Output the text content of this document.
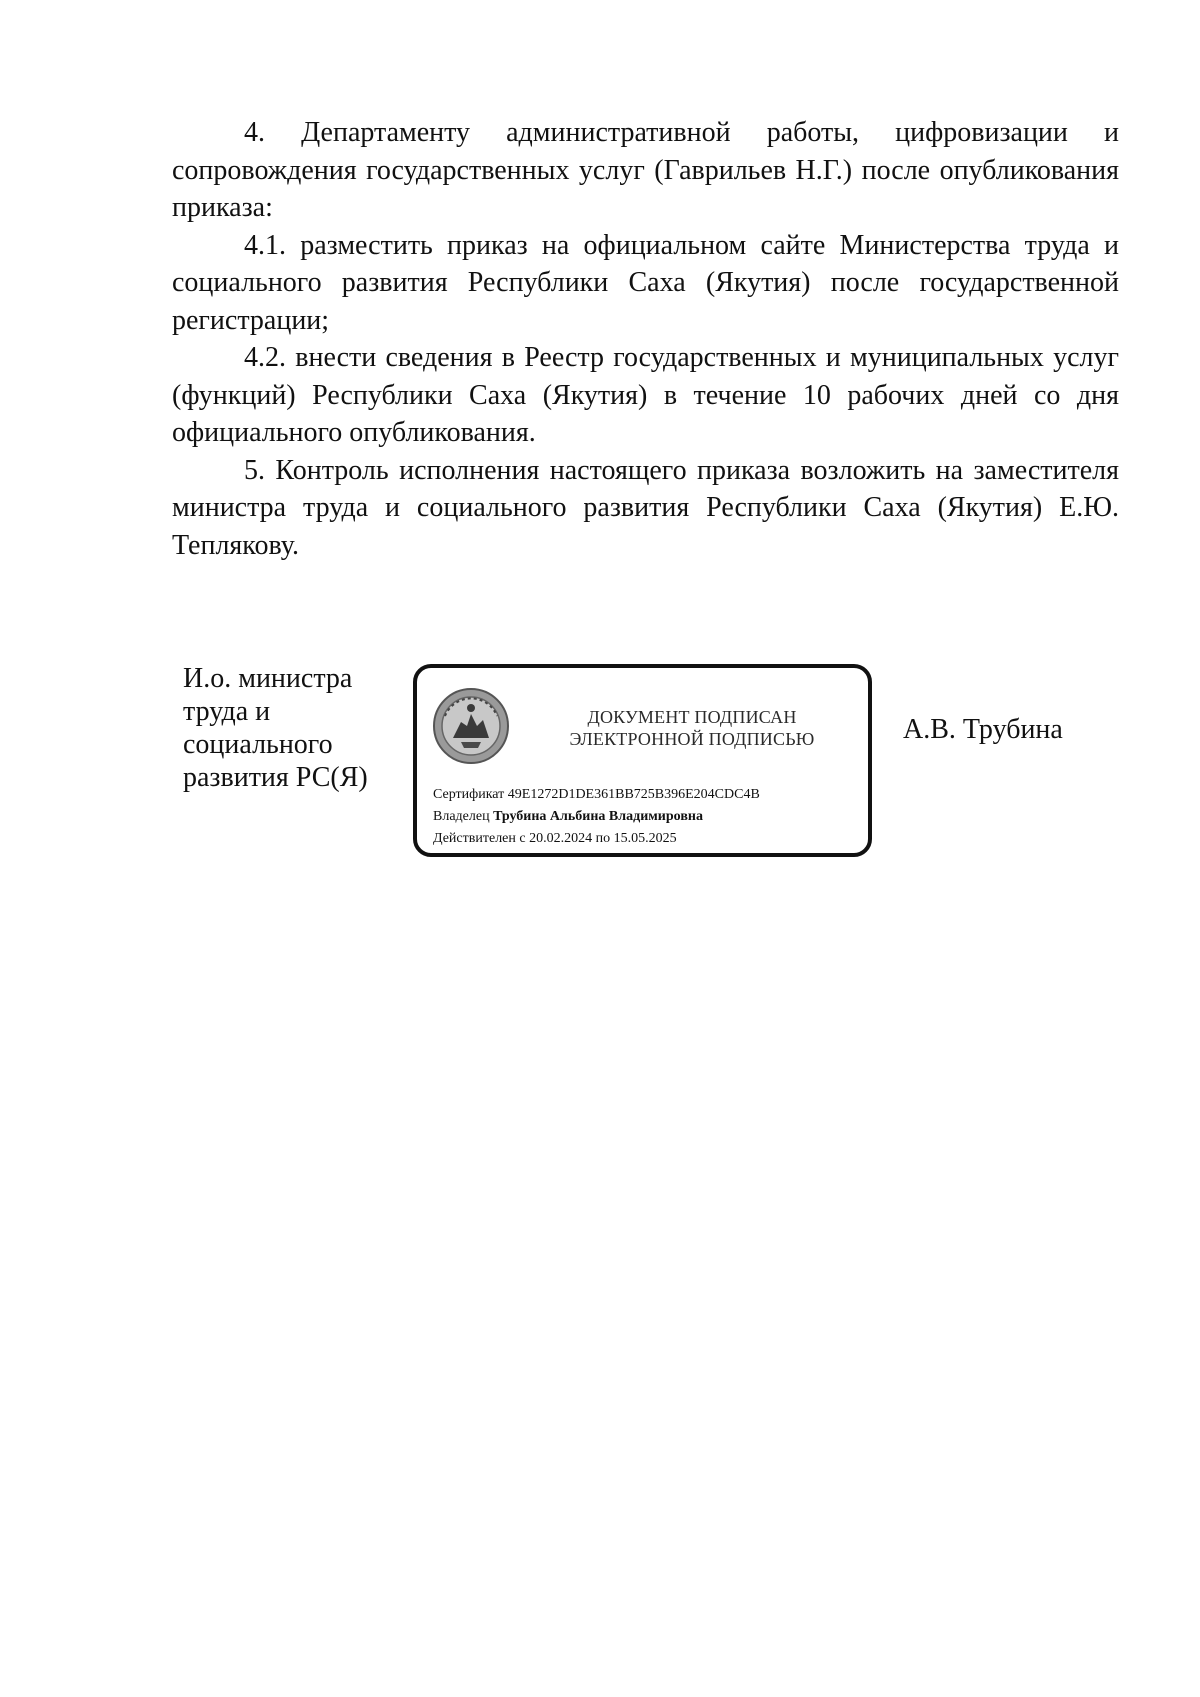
4. Департаменту административной работы, цифровизации и сопровождения государственных услуг (Гаврильев Н.Г.) после опубликования приказа:

4.1. разместить приказ на официальном сайте Министерства труда и социального развития Республики Саха (Якутия) после государственной регистрации;

4.2. внести сведения в Реестр государственных и муниципальных услуг (функций) Республики Саха (Якутия) в течение 10 рабочих дней со дня официального опубликования.

5. Контроль исполнения настоящего приказа возложить на заместителя министра труда и социального развития Республики Саха (Якутия) Е.Ю. Теплякову.

И.о. министра
труда и
социального
развития РС(Я)
ДОКУМЕНТ ПОДПИСАН
ЭЛЕКТРОННОЙ ПОДПИСЬЮ
Сертификат 49E1272D1DE361BB725B396E204CDC4B
Владелец Трубина Альбина Владимировна
Действителен с 20.02.2024 по 15.05.2025
А.В. Трубина
